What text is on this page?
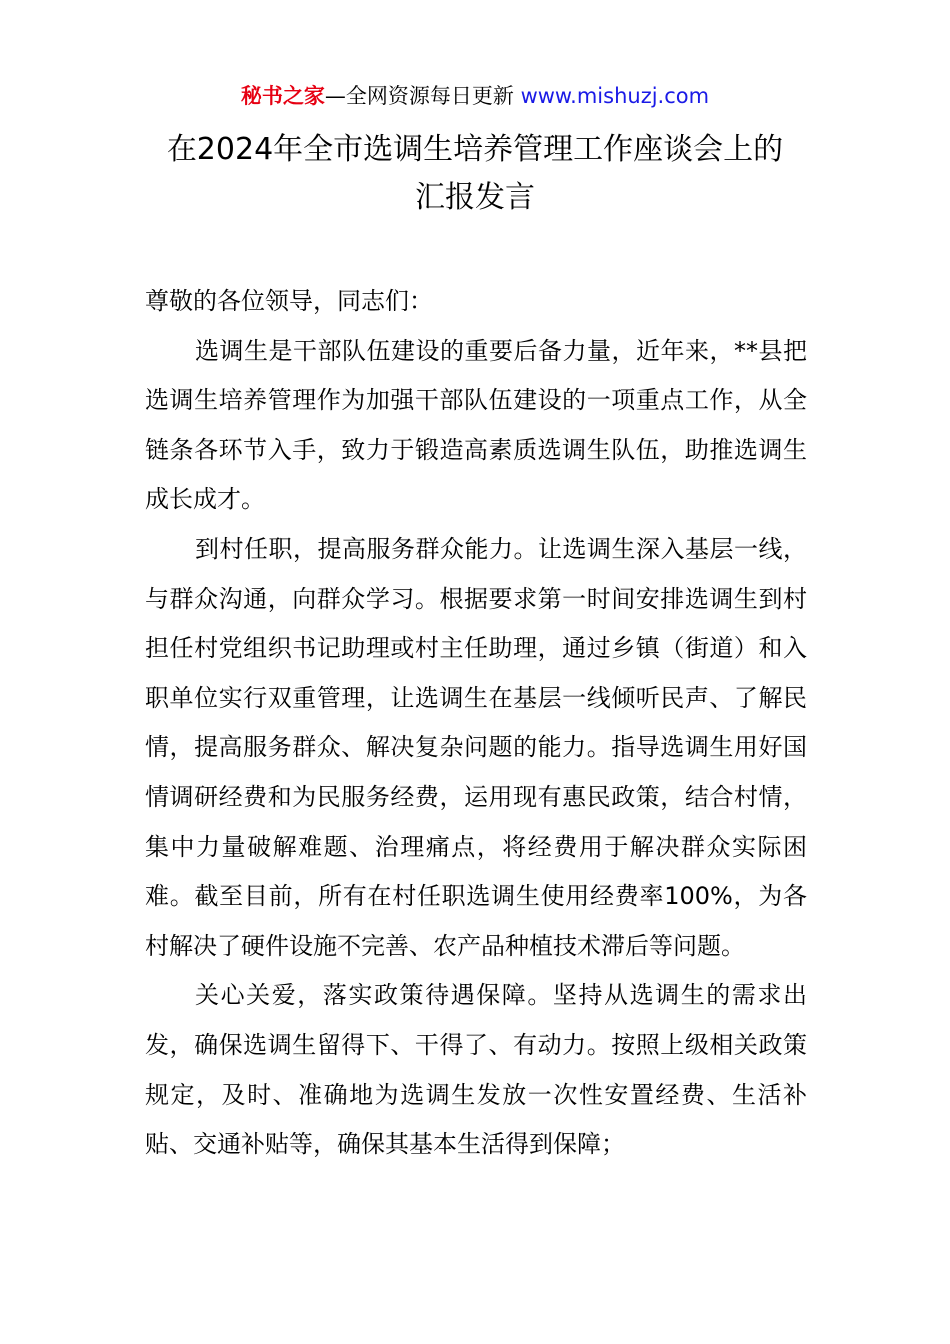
秘书之家—全网资源每日更新 www.mishuzj.com
在2024年全市选调生培养管理工作座谈会上的
汇报发言

尊敬的各位领导，同志们：

选调生是干部队伍建设的重要后备力量，近年来，**县把选调生培养管理作为加强干部队伍建设的一项重点工作，从全链条各环节入手，致力于锻造高素质选调生队伍，助推选调生成长成才。

到村任职，提高服务群众能力。让选调生深入基层一线，与群众沟通，向群众学习。根据要求第一时间安排选调生到村担任村党组织书记助理或村主任助理，通过乡镇（街道）和入职单位实行双重管理，让选调生在基层一线倾听民声、了解民情，提高服务群众、解决复杂问题的能力。指导选调生用好国情调研经费和为民服务经费，运用现有惠民政策，结合村情，集中力量破解难题、治理痛点，将经费用于解决群众实际困难。截至目前，所有在村任职选调生使用经费率100%，为各村解决了硬件设施不完善、农产品种植技术滞后等问题。

关心关爱，落实政策待遇保障。坚持从选调生的需求出发，确保选调生留得下、干得了、有动力。按照上级相关政策规定，及时、准确地为选调生发放一次性安置经费、生活补贴、交通补贴等，确保其基本生活得到保障；
